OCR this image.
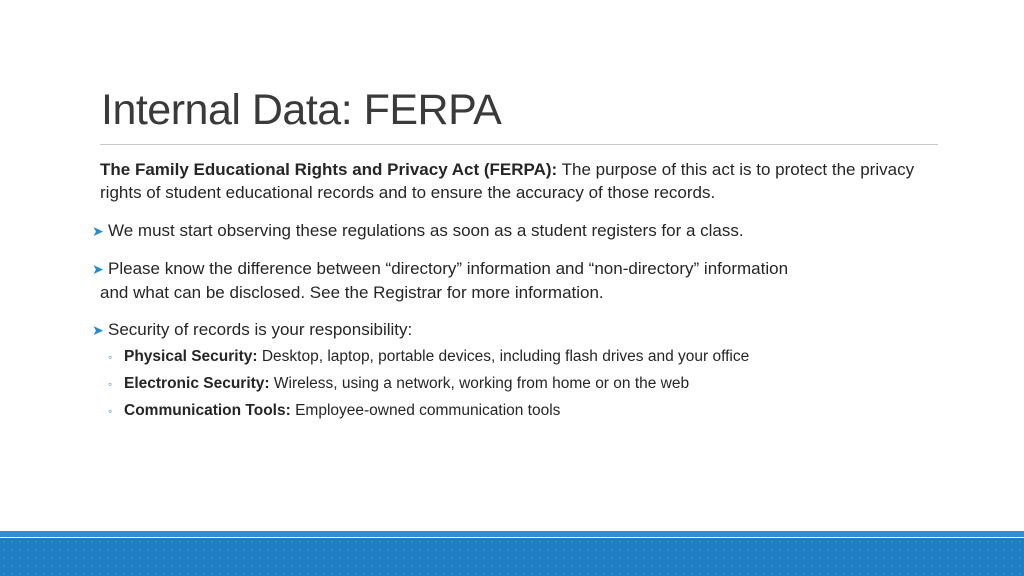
Internal Data: FERPA
The Family Educational Rights and Privacy Act (FERPA): The purpose of this act is to protect the privacy rights of student educational records and to ensure the accuracy of those records.
➤ We must start observing these regulations as soon as a student registers for a class.
➤ Please know the difference between “directory” information and “non-directory” information
and what can be disclosed. See the Registrar for more information.
➤ Security of records is your responsibility:
◦ Physical Security: Desktop, laptop, portable devices, including flash drives and your office
◦ Electronic Security: Wireless, using a network, working from home or on the web
◦ Communication Tools: Employee-owned communication tools
